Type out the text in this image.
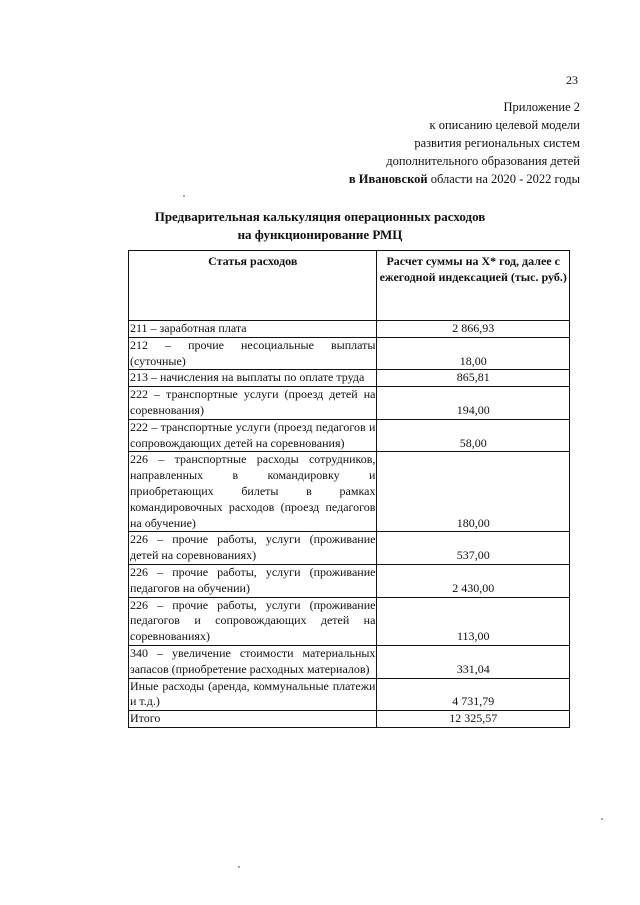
23
Приложение 2
к описанию целевой модели
развития региональных систем
дополнительного образования детей
в Ивановской области на 2020 - 2022 годы
Предварительная калькуляция операционных расходов
на функционирование РМЦ
Статья расходов	Расчет суммы на X* год, далее с ежегодной индексацией (тыс. руб.)
211 – заработная плата	2 866,93
212 – прочие несоциальные выплаты (суточные)	18,00
213 – начисления на выплаты по оплате труда	865,81
222 – транспортные услуги (проезд детей на соревнования)	194,00
222 – транспортные услуги (проезд педагогов и сопровождающих детей на соревнования)	58,00
226 – транспортные расходы сотрудников, направленных в командировку и приобретающих билеты в рамках командировочных расходов (проезд педагогов на обучение)	180,00
226 – прочие работы, услуги (проживание детей на соревнованиях)	537,00
226 – прочие работы, услуги (проживание педагогов на обучении)	2 430,00
226 – прочие работы, услуги (проживание педагогов и сопровождающих детей на соревнованиях)	113,00
340 – увеличение стоимости материальных запасов (приобретение расходных материалов)	331,04
Иные расходы (аренда, коммунальные платежи и т.д.)	4 731,79
Итого	12 325,57
